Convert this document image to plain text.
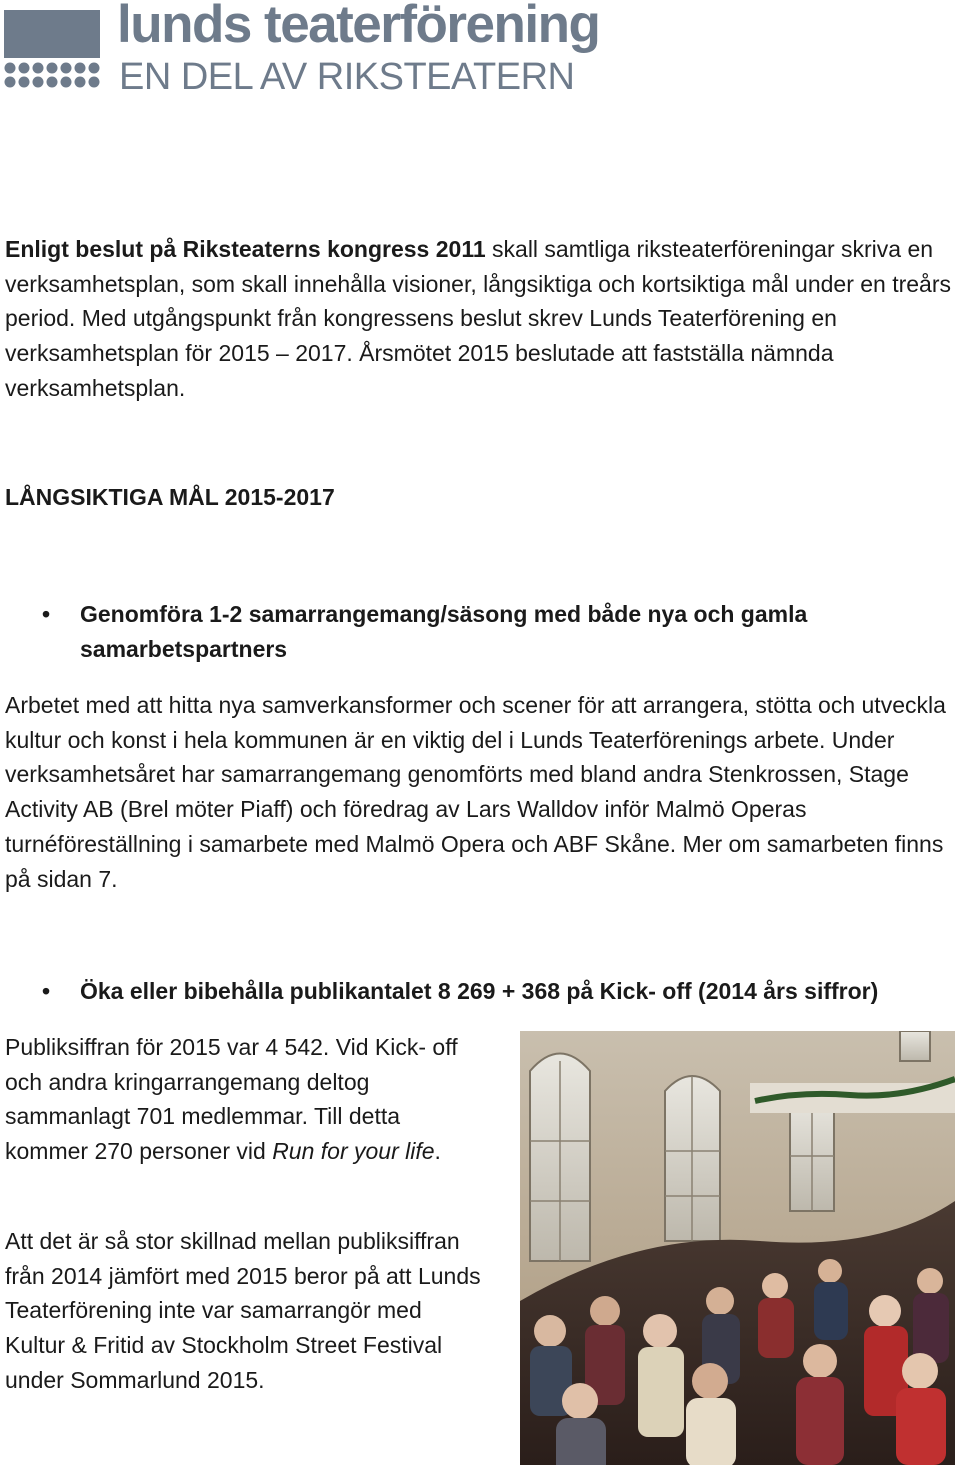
lunds teaterförening
EN DEL AV RIKSTEATERN

Enligt beslut på Riksteaterns kongress 2011 skall samtliga riksteaterföreningar skriva en verksamhetsplan, som skall innehålla visioner, långsiktiga och kortsiktiga mål under en treårs period. Med utgångspunkt från kongressens beslut skrev Lunds Teaterförening en verksamhetsplan för 2015 – 2017. Årsmötet 2015 beslutade att fastställa nämnda verksamhetsplan.

LÅNGSIKTIGA MÅL 2015-2017
• Genomföra 1-2 samarrangemang/säsong med både nya och gamla samarbetspartners

Arbetet med att hitta nya samverkansformer och scener för att arrangera, stötta och utveckla kultur och konst i hela kommunen är en viktig del i Lunds Teaterförenings arbete. Under verksamhetsåret har samarrangemang genomförts med bland andra Stenkrossen, Stage Activity AB (Brel möter Piaff) och föredrag av Lars Walldov inför Malmö Operas turnéföreställning i samarbete med Malmö Opera och ABF Skåne. Mer om samarbeten finns på sidan 7.

• Öka eller bibehålla publikantalet 8 269 + 368 på Kick- off (2014 års siffror)

Publiksiffran för 2015 var 4 542. Vid Kick- off och andra kringarrangemang deltog sammanlagt 701 medlemmar. Till detta kommer 270 personer vid Run for your life.

Att det är så stor skillnad mellan publiksiffran från 2014 jämfört med 2015 beror på att Lunds Teaterförening inte var samarrangör med Kultur & Fritid av Stockholm Street Festival under Sommarlund 2015.
